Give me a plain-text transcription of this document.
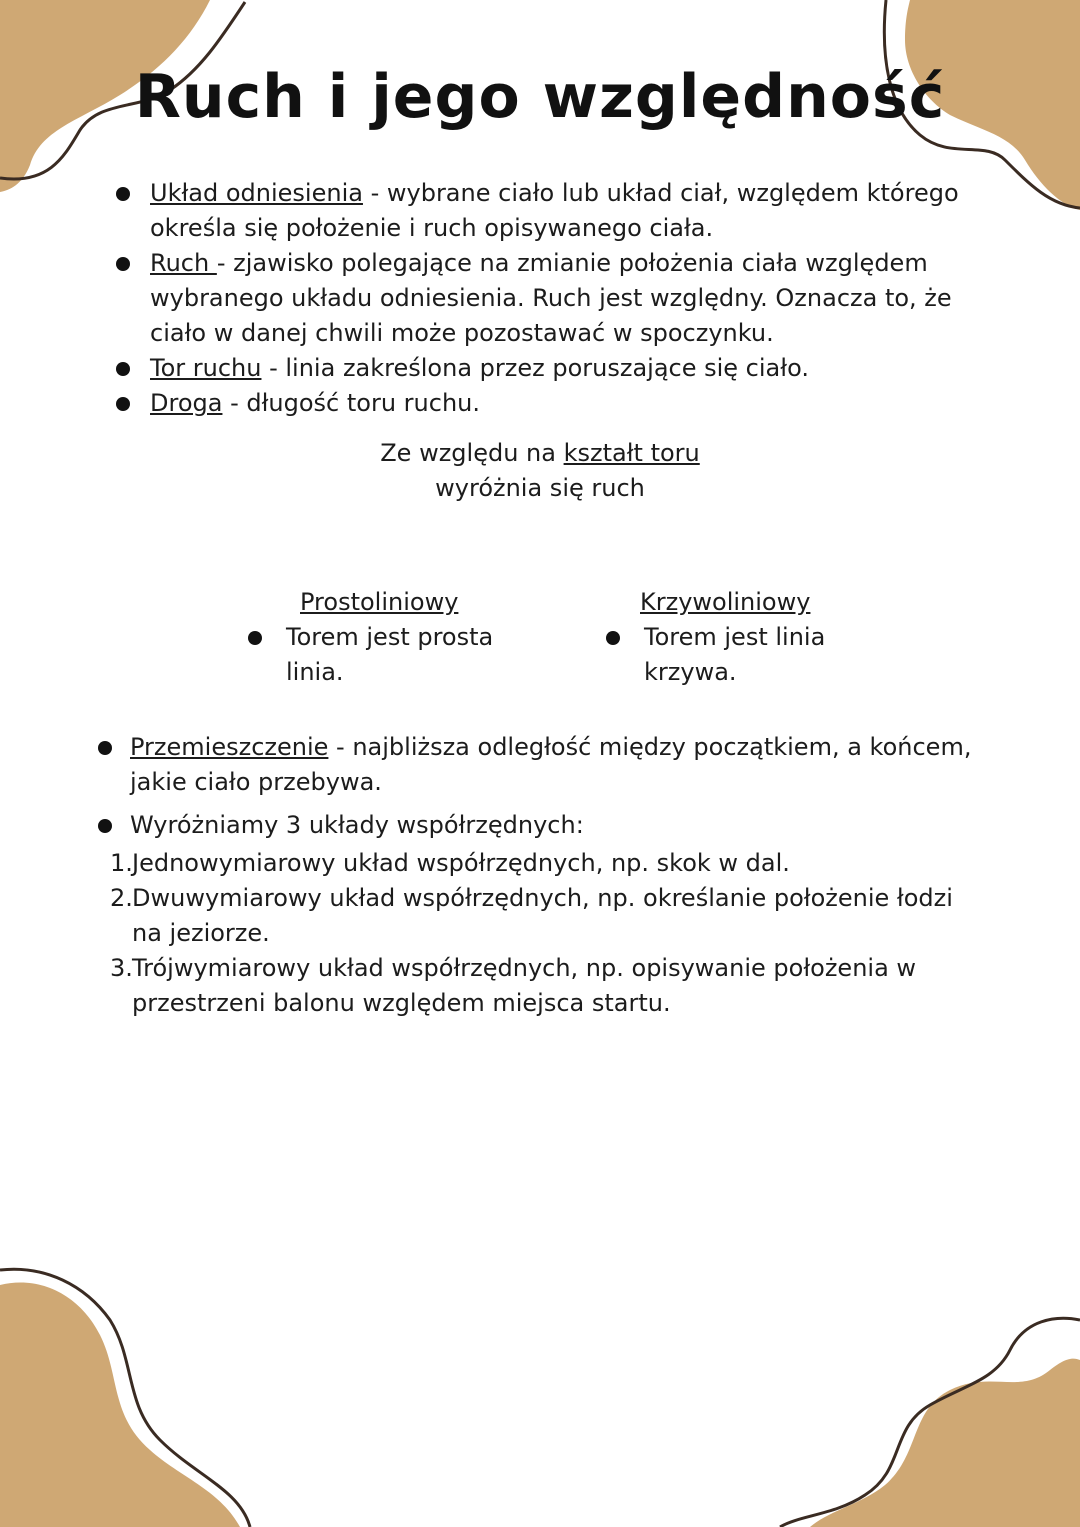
Ruch i jego względność
Układ odniesienia - wybrane ciało lub układ ciał, względem którego określa się położenie i ruch opisywanego ciała.
Ruch - zjawisko polegające na zmianie położenia ciała względem wybranego układu odniesienia. Ruch jest względny. Oznacza to, że ciało w danej chwili może pozostawać w spoczynku.
Tor ruchu - linia zakreślona przez poruszające się ciało.
Droga - długość toru ruchu.
Ze względu na kształt toru
wyróżnia się ruch
Prostoliniowy
Torem jest prosta linia.
Krzywoliniowy
Torem jest linia krzywa.
Przemieszczenie - najbliższa odległość między początkiem, a końcem, jakie ciało przebywa.
Wyróżniamy 3 układy współrzędnych:
1. Jednowymiarowy układ współrzędnych, np. skok w dal.
2. Dwuwymiarowy układ współrzędnych, np. określanie położenie łodzi na jeziorze.
3. Trójwymiarowy układ współrzędnych, np. opisywanie położenia w przestrzeni balonu względem miejsca startu.
